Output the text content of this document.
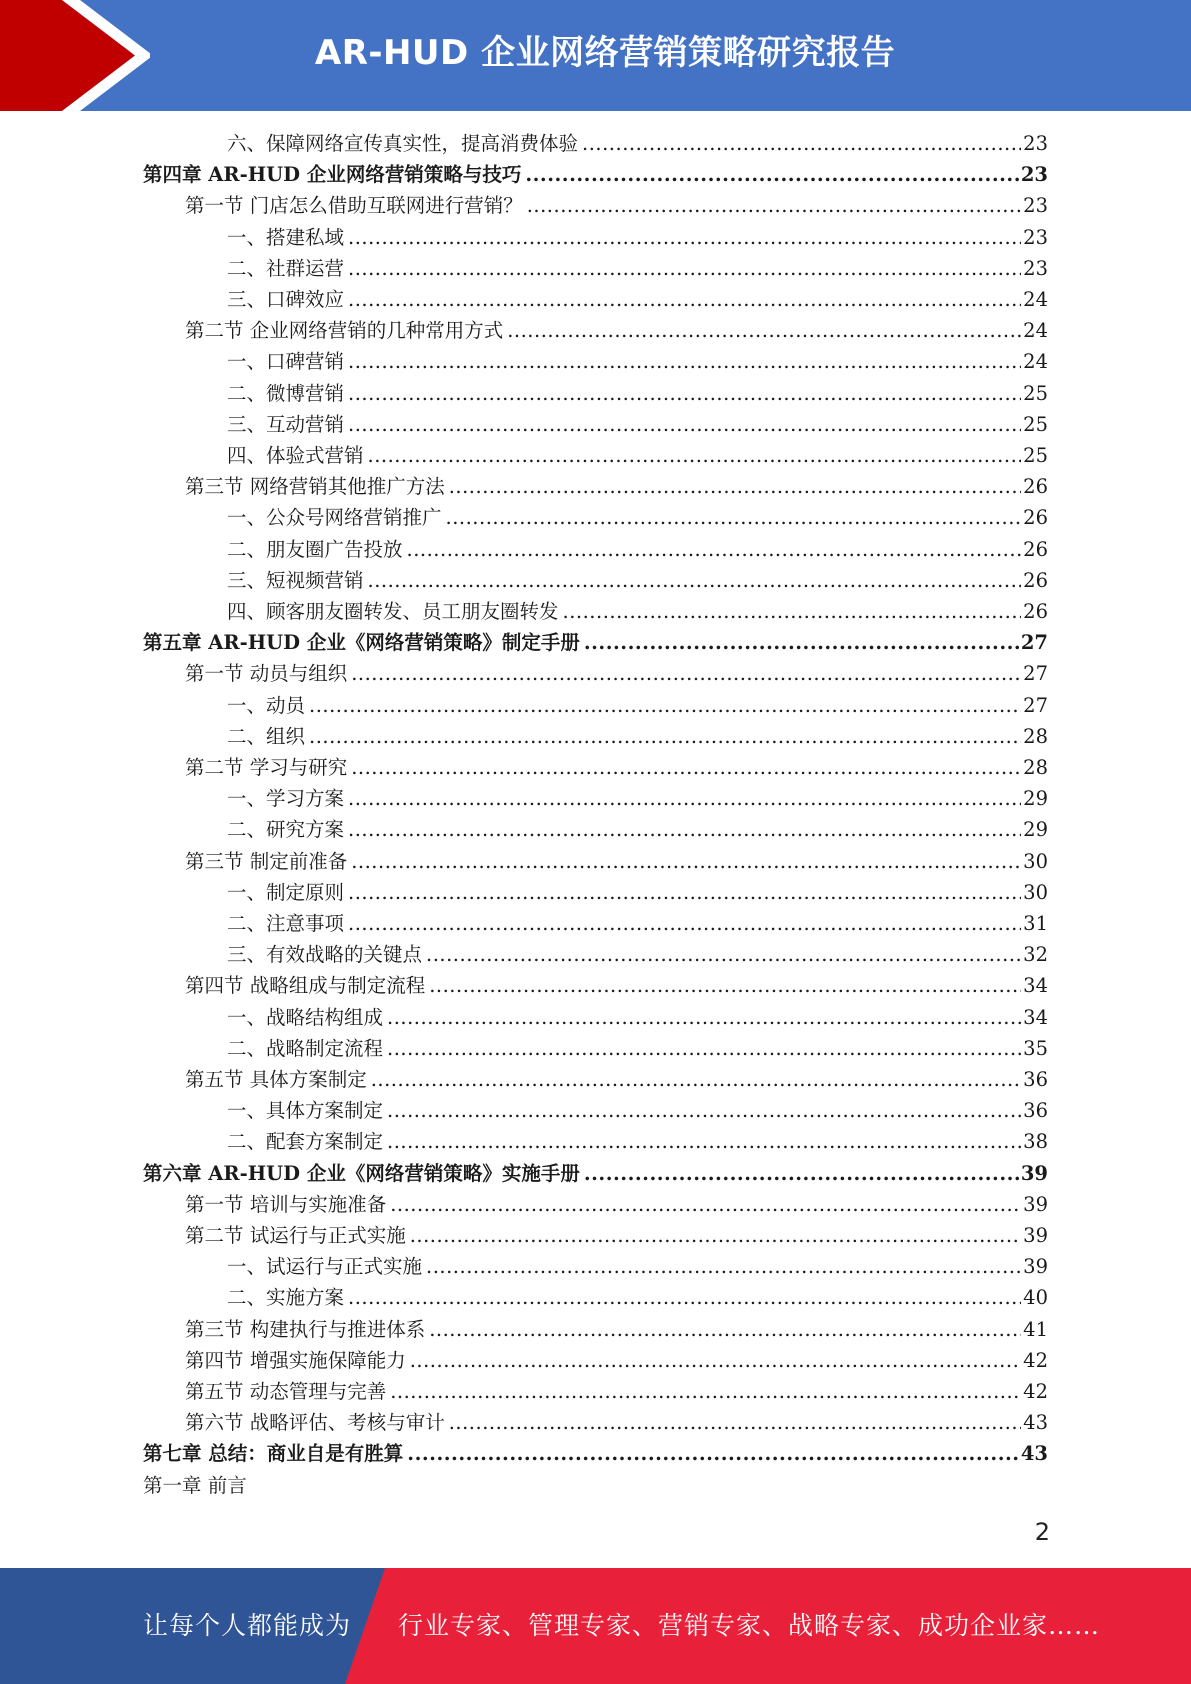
AR-HUD 企业网络营销策略研究报告
六、保障网络宣传真实性，提高消费体验 .....	23
第四章 AR-HUD 企业网络营销策略与技巧 .....	23
第一节 门店怎么借助互联网进行营销？ .....	23
一、搭建私域 .....	23
二、社群运营 .....	23
三、口碑效应 .....	24
第二节 企业网络营销的几种常用方式 .....	24
一、口碑营销 .....	24
二、微博营销 .....	25
三、互动营销 .....	25
四、体验式营销 .....	25
第三节 网络营销其他推广方法 .....	26
一、公众号网络营销推广 .....	26
二、朋友圈广告投放 .....	26
三、短视频营销 .....	26
四、顾客朋友圈转发、员工朋友圈转发 .....	26
第五章 AR-HUD 企业《网络营销策略》制定手册 .....	27
第一节 动员与组织 .....	27
一、动员 .....	27
二、组织 .....	28
第二节 学习与研究 .....	28
一、学习方案 .....	29
二、研究方案 .....	29
第三节 制定前准备 .....	30
一、制定原则 .....	30
二、注意事项 .....	31
三、有效战略的关键点 .....	32
第四节 战略组成与制定流程 .....	34
一、战略结构组成 .....	34
二、战略制定流程 .....	35
第五节 具体方案制定 .....	36
一、具体方案制定 .....	36
二、配套方案制定 .....	38
第六章 AR-HUD 企业《网络营销策略》实施手册 .....	39
第一节 培训与实施准备 .....	39
第二节 试运行与正式实施 .....	39
一、试运行与正式实施 .....	39
二、实施方案 .....	40
第三节 构建执行与推进体系 .....	41
第四节 增强实施保障能力 .....	42
第五节 动态管理与完善 .....	42
第六节 战略评估、考核与审计 .....	43
第七章 总结：商业自是有胜算 .....	43
第一章 前言
2
让每个人都能成为 行业专家、管理专家、营销专家、战略专家、成功企业家……
